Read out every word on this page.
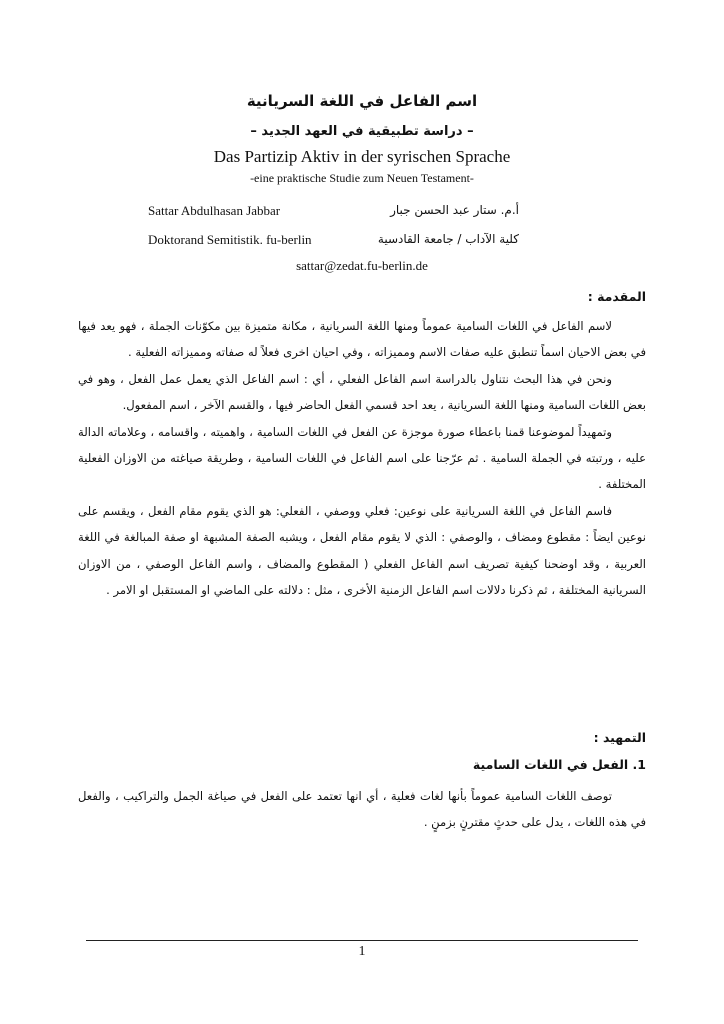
اسم الفاعل في اللغة السريانية
– دراسة تطبيقية في العهد الجديد –
Das Partizip Aktiv in der syrischen Sprache
-eine praktische Studie zum Neuen Testament-
Sattar Abdulhasan Jabbar	أ.م. ستار عبد الحسن جبار
Doktorand Semitistik. fu-berlin	كلية الآداب / جامعة القادسية
sattar@zedat.fu-berlin.de
المقدمة :

لاسم الفاعل في اللغات السامية عموماً ومنها اللغة السريانية ، مكانة متميزة بين مكوّنات الجملة ، فهو يعد فيها في بعض الاحيان اسماً تنطبق عليه صفات الاسم ومميزاته ، وفي احيان اخرى فعلاً له صفاته ومميزاته الفعلية .

ونحن في هذا البحث نتناول بالدراسة اسم الفاعل الفعلي ، أي : اسم الفاعل الذي يعمل عمل الفعل ، وهو في بعض اللغات السامية ومنها اللغة السريانية ، يعد احد قسمي الفعل الحاضر فيها ، والقسم الآخر ، اسم المفعول.

وتمهيداً لموضوعنا قمنا باعطاء صورة موجزة عن الفعل في اللغات السامية ، واهميته ، واقسامه ، وعلاماته الدالة عليه ، ورتبته في الجملة السامية . ثم عرّجنا على اسم الفاعل في اللغات السامية ، وطريقة صياغته من الاوزان الفعلية المختلفة .

فاسم الفاعل في اللغة السريانية على نوعين: فعلي ووصفي ، الفعلي: هو الذي يقوم مقام الفعل ، ويقسم على نوعين ايضاً : مقطوع ومضاف ، والوصفي : الذي لا يقوم مقام الفعل ، ويشبه الصفة المشبهة او صفة المبالغة في اللغة العربية ، وقد اوضحنا كيفية تصريف اسم الفاعل الفعلي ( المقطوع والمضاف ، واسم الفاعل الوصفي ، من الاوزان السريانية المختلفة ، ثم ذكرنا دلالات اسم الفاعل الزمنية الأخرى ، مثل : دلالته على الماضي او المستقبل او الامر .

التمهيد :
1. الفعل في اللغات السامية

توصف اللغات السامية عموماً بأنها لغات فعلية ، أي انها تعتمد على الفعل في صياغة الجمل والتراكيب ، والفعل في هذه اللغات ، يدل على حدثٍ مقترنٍ بزمنٍ .

1
